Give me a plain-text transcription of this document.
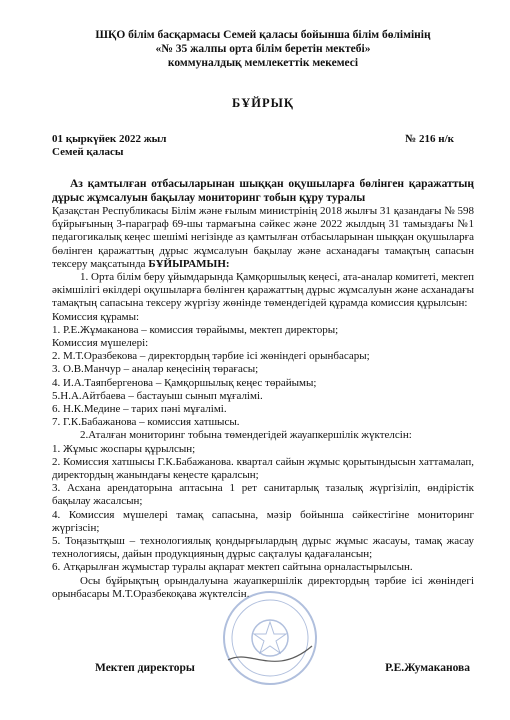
ШҚО білім басқармасы Семей қаласы бойынша білім бөлімінің
«№ 35 жалпы орта білім беретін мектебі»
коммуналдық мемлекеттік мекемесі
БҰЙРЫҚ
01 қыркүйек 2022 жыл
Семей қаласы
№ 216 н/к
Аз қамтылған отбасыларынан шыққан оқушыларға бөлінген қаражаттың дұрыс жұмсалуын бақылау мониторинг тобын құру туралы

Қазақстан Республикасы Білім және ғылым министрінің 2018 жылғы 31 қазандағы № 598 бұйрығының 3-параграф 69-шы тармағына сәйкес және 2022 жылдың 31 тамыздағы №1 педагогикалық кеңес шешімі негізінде аз қамтылған отбасыларынан шыққан оқушыларға бөлінген қаражаттың дұрыс жұмсалуын бақылау және асханадағы тамақтың сапасын тексеру мақсатында БҰЙЫРАМЫН:

1. Орта білім беру ұйымдарында Қамқоршылық кеңесі, ата-аналар комитеті, мектеп әкімшілігі өкілдері оқушыларға бөлінген қаражаттың дұрыс жұмсалуын және асханадағы тамақтың сапасына тексеру жүргізу жөнінде төмендегідей құрамда комиссия құрылсын:

Комиссия құрамы:

1. Р.Е.Жұмаканова – комиссия төрайымы, мектеп директоры;

Комиссия мүшелері:

2. М.Т.Оразбекова – директордың тәрбие ісі жөніндегі орынбасары;

3. О.В.Манчур – аналар кеңесінің төрағасы;

4. И.А.Таяпбергенова – Қамқоршылық кеңес төрайымы;

5.Н.А.Айтбаева – бастауыш сынып мұғалімі.

6. Н.К.Медине – тарих пәні мұғалімі.

7. Г.К.Бабажанова – комиссия хатшысы.

2.Аталған мониторинг тобына төмендегідей жауапкершілік жүктелсін:

1. Жұмыс жоспары құрылсын;

2. Комиссия хатшысы Г.К.Бабажанова. квартал сайын жұмыс қорытындысын хаттамалап, директордың жанындағы кеңесте қаралсын;

3. Асхана арендаторына аптасына 1 рет санитарлық тазалық жүргізіліп, өндірістік бақылау жасалсын;

4. Комиссия мүшелері тамақ сапасына, мәзір бойынша сәйкестігіне мониторинг жүргізсін;

5. Тоңазытқыш – технологиялық қондырғылардың дұрыс жұмыс жасауы, тамақ жасау технологиясы, дайын продукцияның дұрыс сақталуы қадағалансын;

6. Атқарылған жұмыстар туралы ақпарат мектеп сайтына орналастырылсын.

Осы бұйрықтың орындалуына жауапкершілік директордың тәрбие ісі жөніндегі орынбасары М.Т.Оразбекоқава жүктелсін.

Мектеп директоры	Р.Е.Жумаканова
